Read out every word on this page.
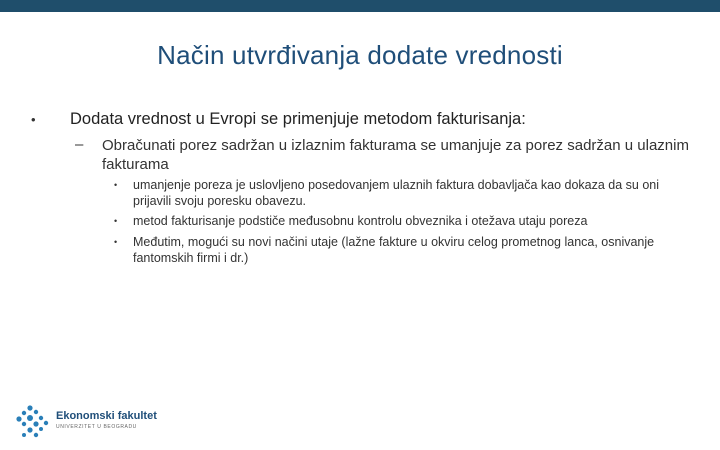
Način utvrđivanja dodate vrednosti
• Dodata vrednost u Evropi se primenjuje metodom fakturisanja:
– Obračunati porez sadržan u izlaznim fakturama se umanjuje za porez sadržan u ulaznim fakturama
• umanjenje poreza je uslovljeno posedovanjem ulaznih faktura dobavljača kao dokaza da su oni prijavili svoju poresku obavezu.
• metod fakturisanje podstiče međusobnu kontrolu obveznika i otežava utaju poreza
• Međutim, mogući su novi načini utaje (lažne fakture u okviru celog prometnog lanca, osnivanje fantomskih firmi i dr.)
Ekonomski fakultet
UNIVERZITET U BEOGRADU
